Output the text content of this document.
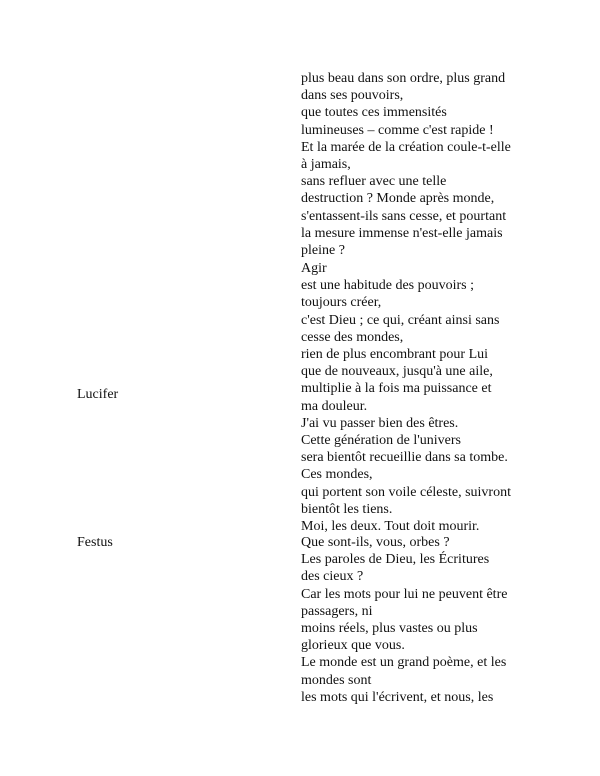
plus beau dans son ordre, plus grand
dans ses pouvoirs,
que toutes ces immensités
lumineuses – comme c'est rapide !
Et la marée de la création coule-t-elle
à jamais,
sans refluer avec une telle
destruction ? Monde après monde,
s'entassent-ils sans cesse, et pourtant
la mesure immense n'est-elle jamais
pleine ?
Lucifer
Agir
est une habitude des pouvoirs ;
toujours créer,
c'est Dieu ; ce qui, créant ainsi sans
cesse des mondes,
rien de plus encombrant pour Lui
que de nouveaux, jusqu'à une aile,
multiplie à la fois ma puissance et
ma douleur.
J'ai vu passer bien des êtres.
Cette génération de l'univers
sera bientôt recueillie dans sa tombe.
Ces mondes,
qui portent son voile céleste, suivront
bientôt les tiens.
Moi, les deux. Tout doit mourir.
Festus	Que sont-ils, vous, orbes ?
Les paroles de Dieu, les Écritures
des cieux ?
Car les mots pour lui ne peuvent être
passagers, ni
moins réels, plus vastes ou plus
glorieux que vous.
Le monde est un grand poème, et les
mondes sont
les mots qui l'écrivent, et nous, les
